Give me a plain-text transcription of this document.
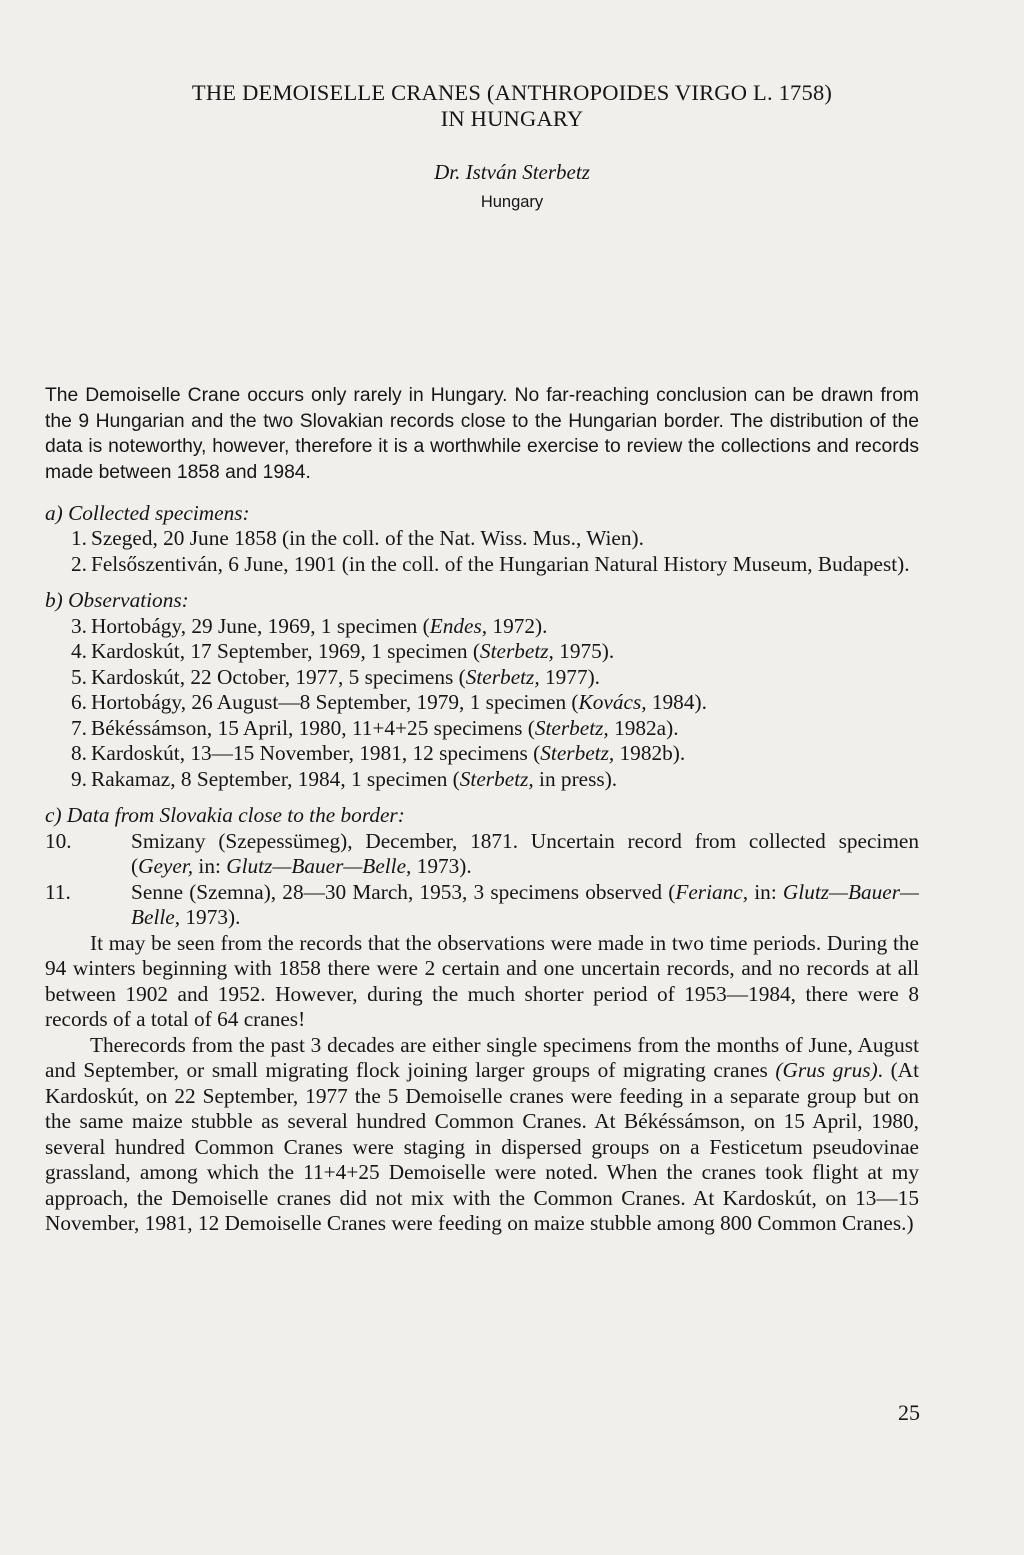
THE DEMOISELLE CRANES (ANTHROPOIDES VIRGO L. 1758)
IN HUNGARY
Dr. István Sterbetz
Hungary

The Demoiselle Crane occurs only rarely in Hungary. No far-reaching conclusion can be drawn from the 9 Hungarian and the two Slovakian records close to the Hungarian border. The distribution of the data is noteworthy, however, therefore it is a worthwhile exercise to review the collections and records made between 1858 and 1984.

a) Collected specimens:

1. Szeged, 20 June 1858 (in the coll. of the Nat. Wiss. Mus., Wien).

2. Felsőszentiván, 6 June, 1901 (in the coll. of the Hungarian Natural History Museum, Budapest).

b) Observations:

3. Hortobágy, 29 June, 1969, 1 specimen (Endes, 1972).

4. Kardoskút, 17 September, 1969, 1 specimen (Sterbetz, 1975).

5. Kardoskút, 22 October, 1977, 5 specimens (Sterbetz, 1977).

6. Hortobágy, 26 August—8 September, 1979, 1 specimen (Kovács, 1984).

7. Békéssámson, 15 April, 1980, 11+4+25 specimens (Sterbetz, 1982a).

8. Kardoskút, 13—15 November, 1981, 12 specimens (Sterbetz, 1982b).

9. Rakamaz, 8 September, 1984, 1 specimen (Sterbetz, in press).

c) Data from Slovakia close to the border:

10.	Smizany (Szepessümeg), December, 1871. Uncertain record from collected specimen (Geyer, in: Glutz—Bauer—Belle, 1973).

11.	Senne (Szemna), 28—30 March, 1953, 3 specimens observed (Ferianc, in: Glutz—Bauer—Belle, 1973).

It may be seen from the records that the observations were made in two time periods. During the 94 winters beginning with 1858 there were 2 certain and one uncertain records, and no records at all between 1902 and 1952. However, during the much shorter period of 1953—1984, there were 8 records of a total of 64 cranes!

Therecords from the past 3 decades are either single specimens from the months of June, August and September, or small migrating flock joining larger groups of migrating cranes (Grus grus). (At Kardoskút, on 22 September, 1977 the 5 Demoiselle cranes were feeding in a separate group but on the same maize stubble as several hundred Common Cranes. At Békéssámson, on 15 April, 1980, several hundred Common Cranes were staging in dispersed groups on a Festicetum pseudovinae grassland, among which the 11+4+25 Demoiselle were noted. When the cranes took flight at my approach, the Demoiselle cranes did not mix with the Common Cranes. At Kardoskút, on 13—15 November, 1981, 12 Demoiselle Cranes were feeding on maize stubble among 800 Common Cranes.)

25
